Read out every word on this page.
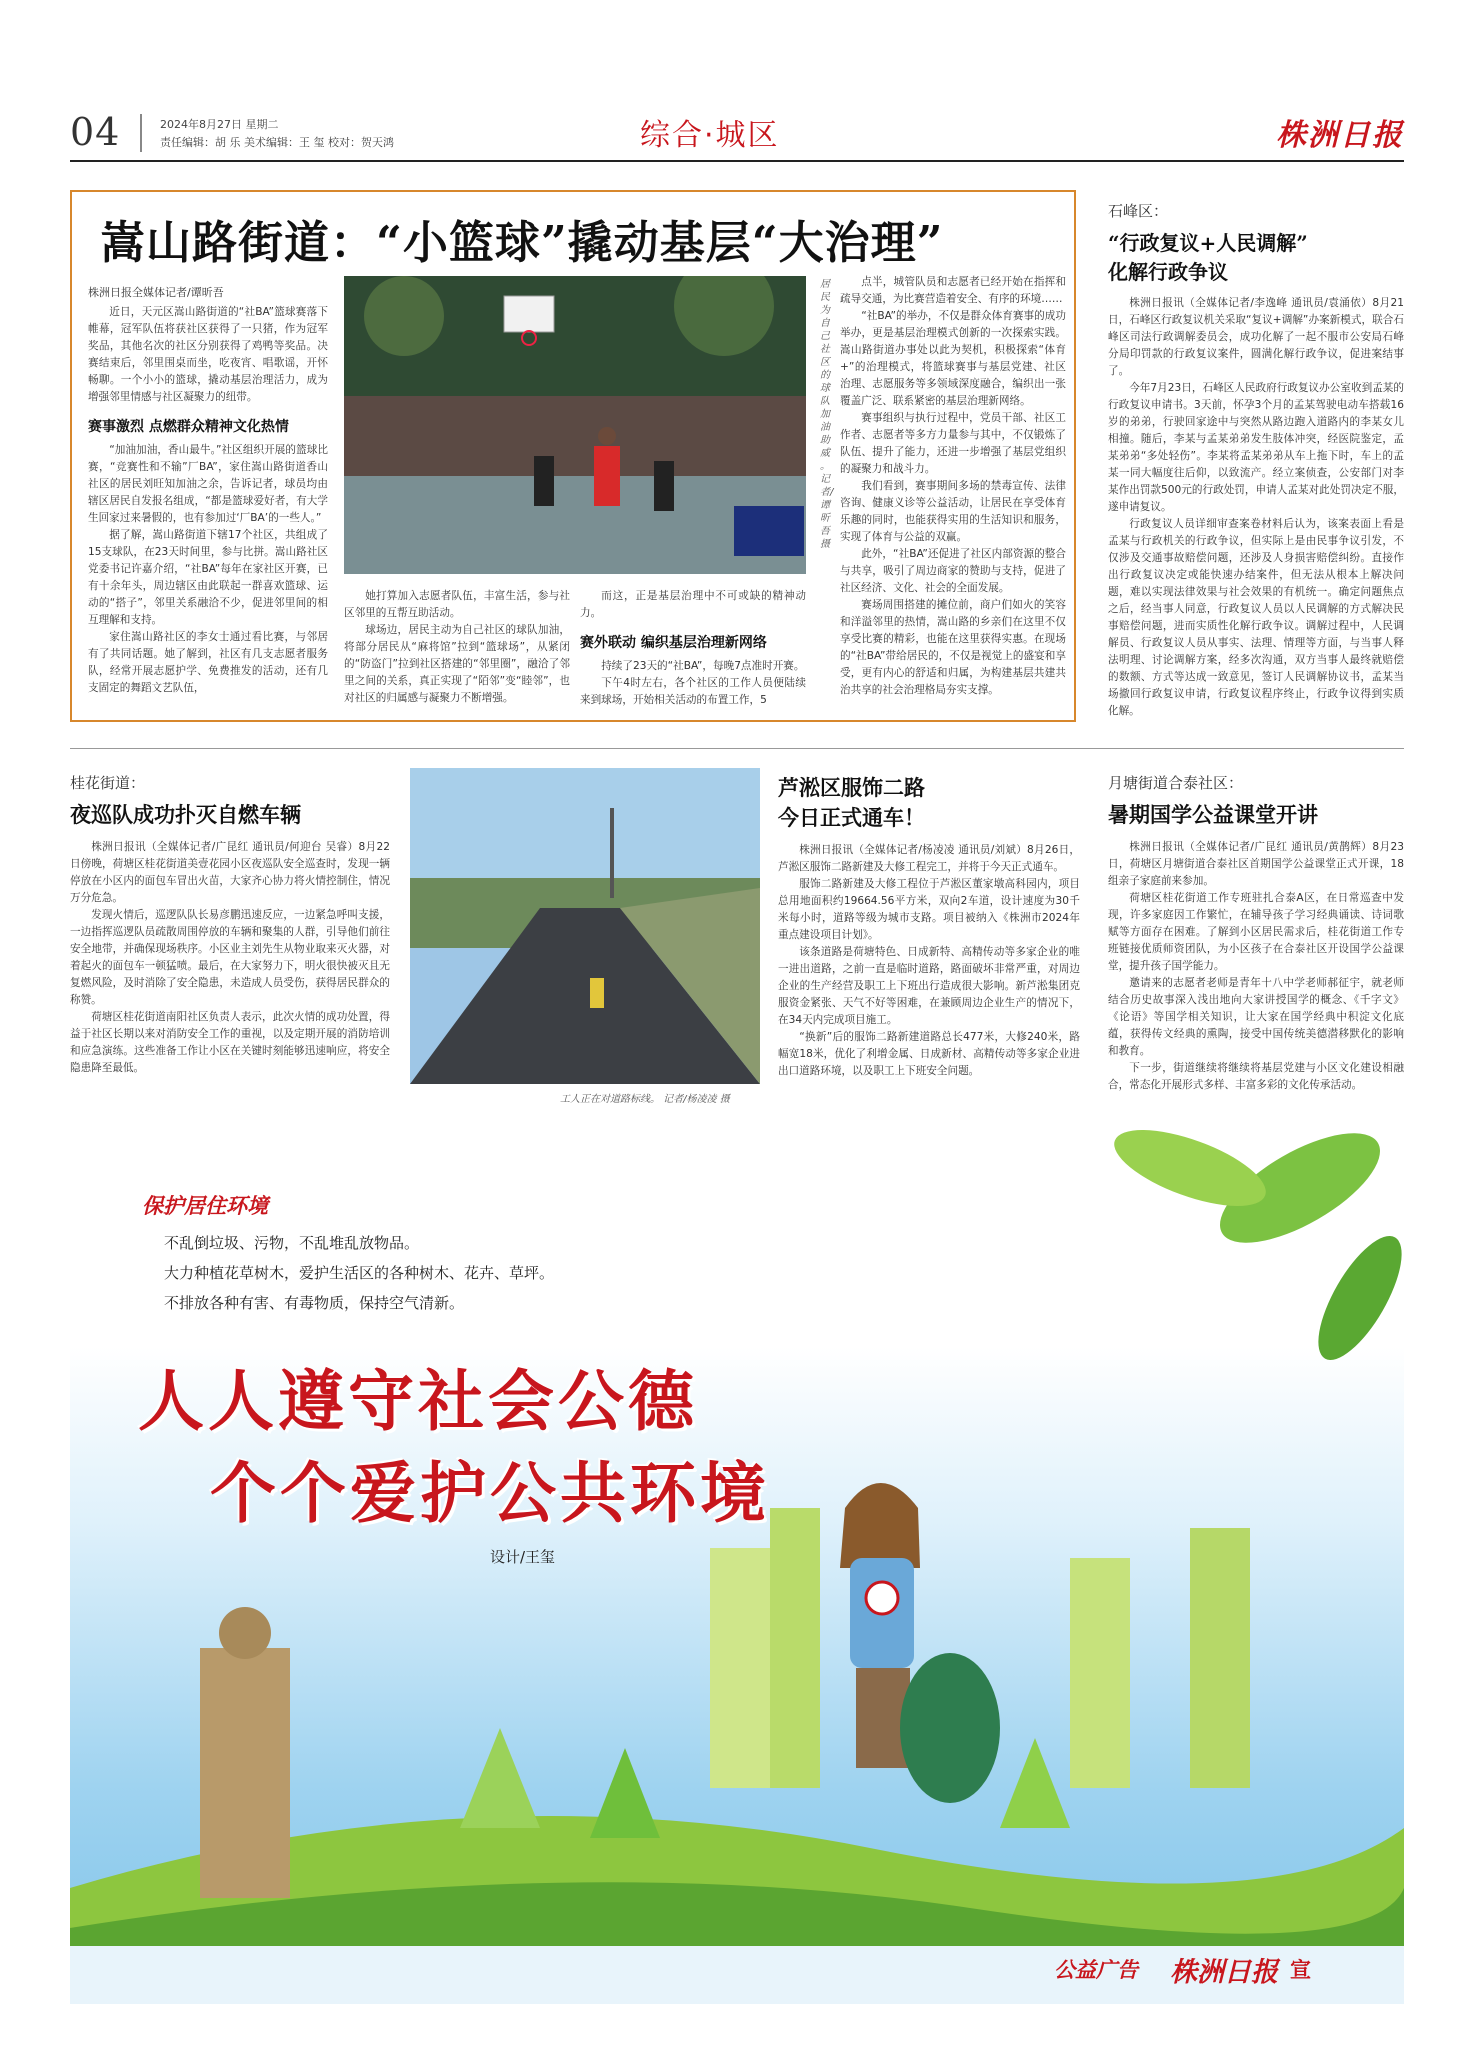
04	2024年8月27日 星期二
责任编辑：胡 乐 美术编辑：王 玺 校对：贺天鸿	综合·城区	株洲日报
嵩山路街道：“小篮球”撬动基层“大治理”
株洲日报全媒体记者/谭昕吾
居民为自己社区的球队加油助威。 记者/谭昕吾 摄

近日，天元区嵩山路街道的“社BA”篮球赛落下帷幕，冠军队伍将获社区获得了一只猪，作为冠军奖品，其他名次的社区分别获得了鸡鸭等奖品。决赛结束后，邻里围桌而坐，吃夜宵、唱歌谣，开怀畅聊。一个小小的篮球，撬动基层治理活力，成为增强邻里情感与社区凝聚力的纽带。

赛事激烈 点燃群众精神文化热情

“加油加油，香山最牛。”社区组织开展的篮球比赛，“竞赛性和不输”厂BA”，家住嵩山路街道香山社区的居民刘旺知加油之余，告诉记者，球员均由辖区居民自发报名组成，“都是篮球爱好者，有大学生回家过来暑假的，也有参加过‘厂BA’的一些人。”

据了解，嵩山路街道下辖17个社区，共组成了15支球队，在23天时间里，参与比拼。嵩山路社区党委书记许嘉介绍，“社BA”每年在家社区开赛，已有十余年头，周边辖区由此联起一群喜欢篮球、运动的“搭子”，邻里关系融洽不少，促进邻里间的相互理解和支持。

家住嵩山路社区的李女士通过看比赛，与邻居有了共同话题。她了解到，社区有几支志愿者服务队，经常开展志愿护学、免费推发的活动，还有几支固定的舞蹈文艺队伍，

她打算加入志愿者队伍，丰富生活，参与社区邻里的互帮互助活动。

球场边，居民主动为自己社区的球队加油，将部分居民从“麻将馆”拉到“篮球场”，从紧闭的“防盗门”拉到社区搭建的“邻里圈”，融洽了邻里之间的关系，真正实现了“陌邻”变“睦邻”，也对社区的归属感与凝聚力不断增强。

而这，正是基层治理中不可或缺的精神动力。

赛外联动 编织基层治理新网络

持续了23天的“社BA”，每晚7点准时开赛。

下午4时左右，各个社区的工作人员便陆续来到球场，开始相关活动的布置工作，5

点半，城管队员和志愿者已经开始在指挥和疏导交通，为比赛营造着安全、有序的环境……

“社BA”的举办，不仅是群众体育赛事的成功举办，更是基层治理模式创新的一次探索实践。嵩山路街道办事处以此为契机，积极探索“体育+”的治理模式，将篮球赛事与基层党建、社区治理、志愿服务等多领域深度融合，编织出一张覆盖广泛、联系紧密的基层治理新网络。

赛事组织与执行过程中，党员干部、社区工作者、志愿者等多方力量参与其中，不仅锻炼了队伍、提升了能力，还进一步增强了基层党组织的凝聚力和战斗力。

我们看到，赛事期间多场的禁毒宣传、法律咨询、健康义诊等公益活动，让居民在享受体育乐趣的同时，也能获得实用的生活知识和服务，实现了体育与公益的双赢。

此外，“社BA”还促进了社区内部资源的整合与共享，吸引了周边商家的赞助与支持，促进了社区经济、文化、社会的全面发展。

赛场周围搭建的摊位前，商户们如火的笑容和洋溢邻里的热情，嵩山路的乡亲们在这里不仅享受比赛的精彩，也能在这里获得实惠。在现场的“社BA”带给居民的，不仅是视觉上的盛宴和享受，更有内心的舒适和归属，为构建基层共建共治共享的社会治理格局夯实支撑。

石峰区：
“行政复议+人民调解”
化解行政争议

株洲日报讯（全媒体记者/李逸峰 通讯员/袁涌依）8月21日，石峰区行政复议机关采取“复议+调解”办案新模式，联合石峰区司法行政调解委员会，成功化解了一起不服市公安局石峰分局印罚款的行政复议案件，圆满化解行政争议，促进案结事了。

今年7月23日，石峰区人民政府行政复议办公室收到孟某的行政复议申请书。3天前，怀孕3个月的孟某驾驶电动车搭载16岁的弟弟，行驶回家途中与突然从路边跑入道路内的李某女儿相撞。随后，李某与孟某弟弟发生肢体冲突，经医院鉴定，孟某弟弟“多处轻伤”。李某将孟某弟弟从车上拖下时，车上的孟某一同大幅度往后仰，以致流产。经立案侦查，公安部门对李某作出罚款500元的行政处罚，申请人孟某对此处罚决定不服，遂申请复议。

行政复议人员详细审查案卷材料后认为，该案表面上看是孟某与行政机关的行政争议，但实际上是由民事争议引发，不仅涉及交通事故赔偿问题，还涉及人身损害赔偿纠纷。直接作出行政复议决定或能快速办结案件，但无法从根本上解决问题，难以实现法律效果与社会效果的有机统一。确定问题焦点之后，经当事人同意，行政复议人员以人民调解的方式解决民事赔偿问题，进而实质性化解行政争议。调解过程中，人民调解员、行政复议人员从事实、法理、情理等方面，与当事人释法明理、讨论调解方案，经多次沟通，双方当事人最终就赔偿的数额、方式等达成一致意见，签订人民调解协议书，孟某当场撤回行政复议申请，行政复议程序终止，行政争议得到实质化解。

桂花街道：
夜巡队成功扑灭自燃车辆

株洲日报讯（全媒体记者/广昆红 通讯员/何迎台 吴睿）8月22日傍晚，荷塘区桂花街道美壹花园小区夜巡队安全巡查时，发现一辆停放在小区内的面包车冒出火苗，大家齐心协力将火情控制住，情况万分危急。

发现火情后，巡逻队队长易彦鹏迅速反应，一边紧急呼叫支援，一边指挥巡逻队员疏散周围停放的车辆和聚集的人群，引导他们前往安全地带，并确保现场秩序。小区业主刘先生从物业取来灭火器，对着起火的面包车一顿猛喷。最后，在大家努力下，明火很快被灭且无复燃风险，及时消除了安全隐患，未造成人员受伤，获得居民群众的称赞。

荷塘区桂花街道南阳社区负责人表示，此次火情的成功处置，得益于社区长期以来对消防安全工作的重视，以及定期开展的消防培训和应急演练。这些准备工作让小区在关键时刻能够迅速响应，将安全隐患降至最低。

工人正在对道路标线。 记者/杨凌凌 摄
芦淞区服饰二路
今日正式通车！

株洲日报讯（全媒体记者/杨凌凌 通讯员/刘斌）8月26日，芦淞区服饰二路新建及大修工程完工，并将于今天正式通车。

服饰二路新建及大修工程位于芦淞区董家墩高科园内，项目总用地面积约19664.56平方米，双向2车道，设计速度为30千米每小时，道路等级为城市支路。项目被纳入《株洲市2024年重点建设项目计划》。

该条道路是荷塘特色、日成新特、高精传动等多家企业的唯一进出道路，之前一直是临时道路，路面破坏非常严重，对周边企业的生产经营及职工上下班出行造成很大影响。新芦淞集团克服资金紧张、天气不好等困难，在兼顾周边企业生产的情况下，在34天内完成项目施工。

“换新”后的服饰二路新建道路总长477米，大修240米，路幅宽18米，优化了利增金属、日成新材、高精传动等多家企业进出口道路环境，以及职工上下班安全问题。

月塘街道合泰社区：
暑期国学公益课堂开讲

株洲日报讯（全媒体记者/广昆红 通讯员/黄鹊辉）8月23日，荷塘区月塘街道合泰社区首期国学公益课堂正式开课，18组亲子家庭前来参加。

荷塘区桂花街道工作专班驻扎合泰A区，在日常巡查中发现，许多家庭因工作繁忙，在辅导孩子学习经典诵读、诗词歌赋等方面存在困难。了解到小区居民需求后，桂花街道工作专班链接优质师资团队，为小区孩子在合泰社区开设国学公益课堂，提升孩子国学能力。

邀请来的志愿者老师是青年十八中学老师郝征宇，就老师结合历史故事深入浅出地向大家讲授国学的概念、《千字文》《论语》等国学相关知识，让大家在国学经典中积淀文化底蕴，获得传文经典的熏陶，接受中国传统美德潜移默化的影响和教育。

下一步，街道继续将继续将基层党建与小区文化建设相融合，常态化开展形式多样、丰富多彩的文化传承活动。

保护居住环境
不乱倒垃圾、污物，不乱堆乱放物品。
大力种植花草树木，爱护生活区的各种树木、花卉、草坪。
不排放各种有害、有毒物质，保持空气清新。
人人遵守社会公德
个个爱护公共环境
设计/王玺
公益广告 株洲日报 宣
